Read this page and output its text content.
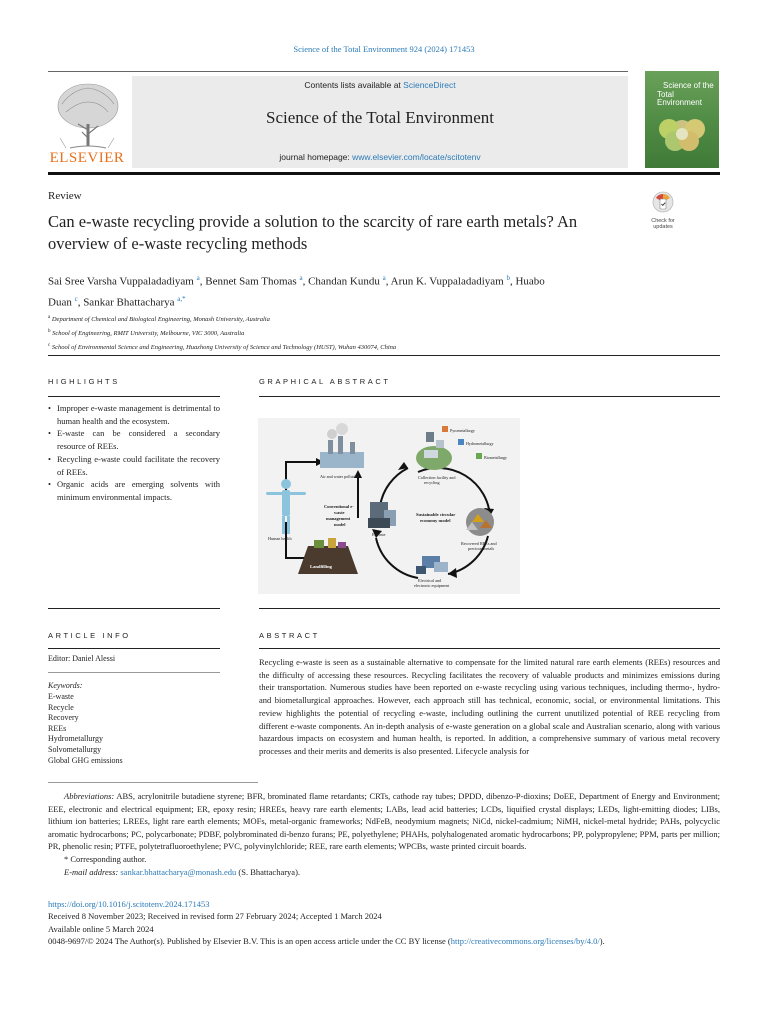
Science of the Total Environment 924 (2024) 171453
ELSEVIER
Contents lists available at ScienceDirect
Science of the Total Environment
journal homepage: www.elsevier.com/locate/scitotenv
Science of the
Total Environment
Review
Check for
updates
Can e-waste recycling provide a solution to the scarcity of rare earth metals? An overview of e-waste recycling methods
Sai Sree Varsha Vuppaladadiyam $^a$, Bennet Sam Thomas $^a$, Chandan Kundu $^a$, Arun K. Vuppaladadiyam $^b$, Huabo Duan $^c$, Sankar Bhattacharya $^{a,*}$
$^a$ Department of Chemical and Biological Engineering, Monash University, Australia
$^b$ School of Engineering, RMIT University, Melbourne, VIC 3000, Australia
$^c$ School of Environmental Science and Engineering, Huazhong University of Science and Technology (HUST), Wuhan 430074, China
HIGHLIGHTS
• Improper e-waste management is detrimental to human health and the ecosystem.
• E-waste can be considered a secondary resource of REEs.
• Recycling e-waste could facilitate the recovery of REEs.
• Organic acids are emerging solvents with minimum environmental impacts.
GRAPHICAL ABSTRACT
Air and water pollution
Human health
Conventional e-
waste
management
model
Landfilling
E-waste
Sustainable circular
economy model
Collection facility and
recycling
Pyrometallurgy
Hydrometallurgy
Biometallurgy
Recovered REEs and
precious metals
Electrical and
electronic equipment
ARTICLE INFO
Editor: Daniel Alessi
Keywords:
E-waste
Recycle
Recovery
REEs
Hydrometallurgy
Solvometallurgy
Global GHG emissions
ABSTRACT

Recycling e-waste is seen as a sustainable alternative to compensate for the limited natural rare earth elements (REEs) resources and the difficulty of accessing these resources. Recycling facilitates the recovery of valuable products and minimizes emissions during their transportation. Numerous studies have been reported on e-waste recycling using various techniques, including thermo-, hydro- and biometallurgical approaches. However, each approach still has technical, economic, social, or environmental limitations. This review highlights the potential of recycling e-waste, including outlining the current unutilized potential of REE recycling from different e-waste components. An in-depth analysis of e-waste generation on a global scale and Australian scenario, along with various hazardous impacts on ecosystem and human health, is reported. In addition, a comprehensive summary of various metal recovery processes and their merits and demerits is also presented. Lifecycle analysis for

Abbreviations: ABS, acrylonitrile butadiene styrene; BFR, brominated flame retardants; CRTs, cathode ray tubes; DPDD, dibenzo-P-dioxins; DoEE, Department of Energy and Environment; EEE, electronic and electrical equipment; ER, epoxy resin; HREEs, heavy rare earth elements; LABs, lead acid batteries; LCDs, liquified crystal displays; LEDs, light-emitting diodes; LIBs, lithium ion batteries; LREEs, light rare earth elements; MOFs, metal-organic frameworks; NdFeB, neodymium magnets; NiCd, nickel-cadmium; NiMH, nickel-metal hydride; PAHs, polycyclic aromatic hydrocarbons; PC, polycarbonate; PDBF, polybrominated di-benzo furans; PE, polyethylene; PHAHs, polyhalogenated aromatic hydrocarbons; PP, polypropylene; PPM, parts per million; PR, phenolic resin; PTFE, polytetrafluoroethylene; PVC, polyvinylchloride; REE, rare earth elements; WPCBs, waste printed circuit boards.

* Corresponding author.

E-mail address: sankar.bhattacharya@monash.edu (S. Bhattacharya).

https://doi.org/10.1016/j.scitotenv.2024.171453
Received 8 November 2023; Received in revised form 27 February 2024; Accepted 1 March 2024
Available online 5 March 2024
0048-9697/© 2024 The Author(s). Published by Elsevier B.V. This is an open access article under the CC BY license (http://creativecommons.org/licenses/by/4.0/).
